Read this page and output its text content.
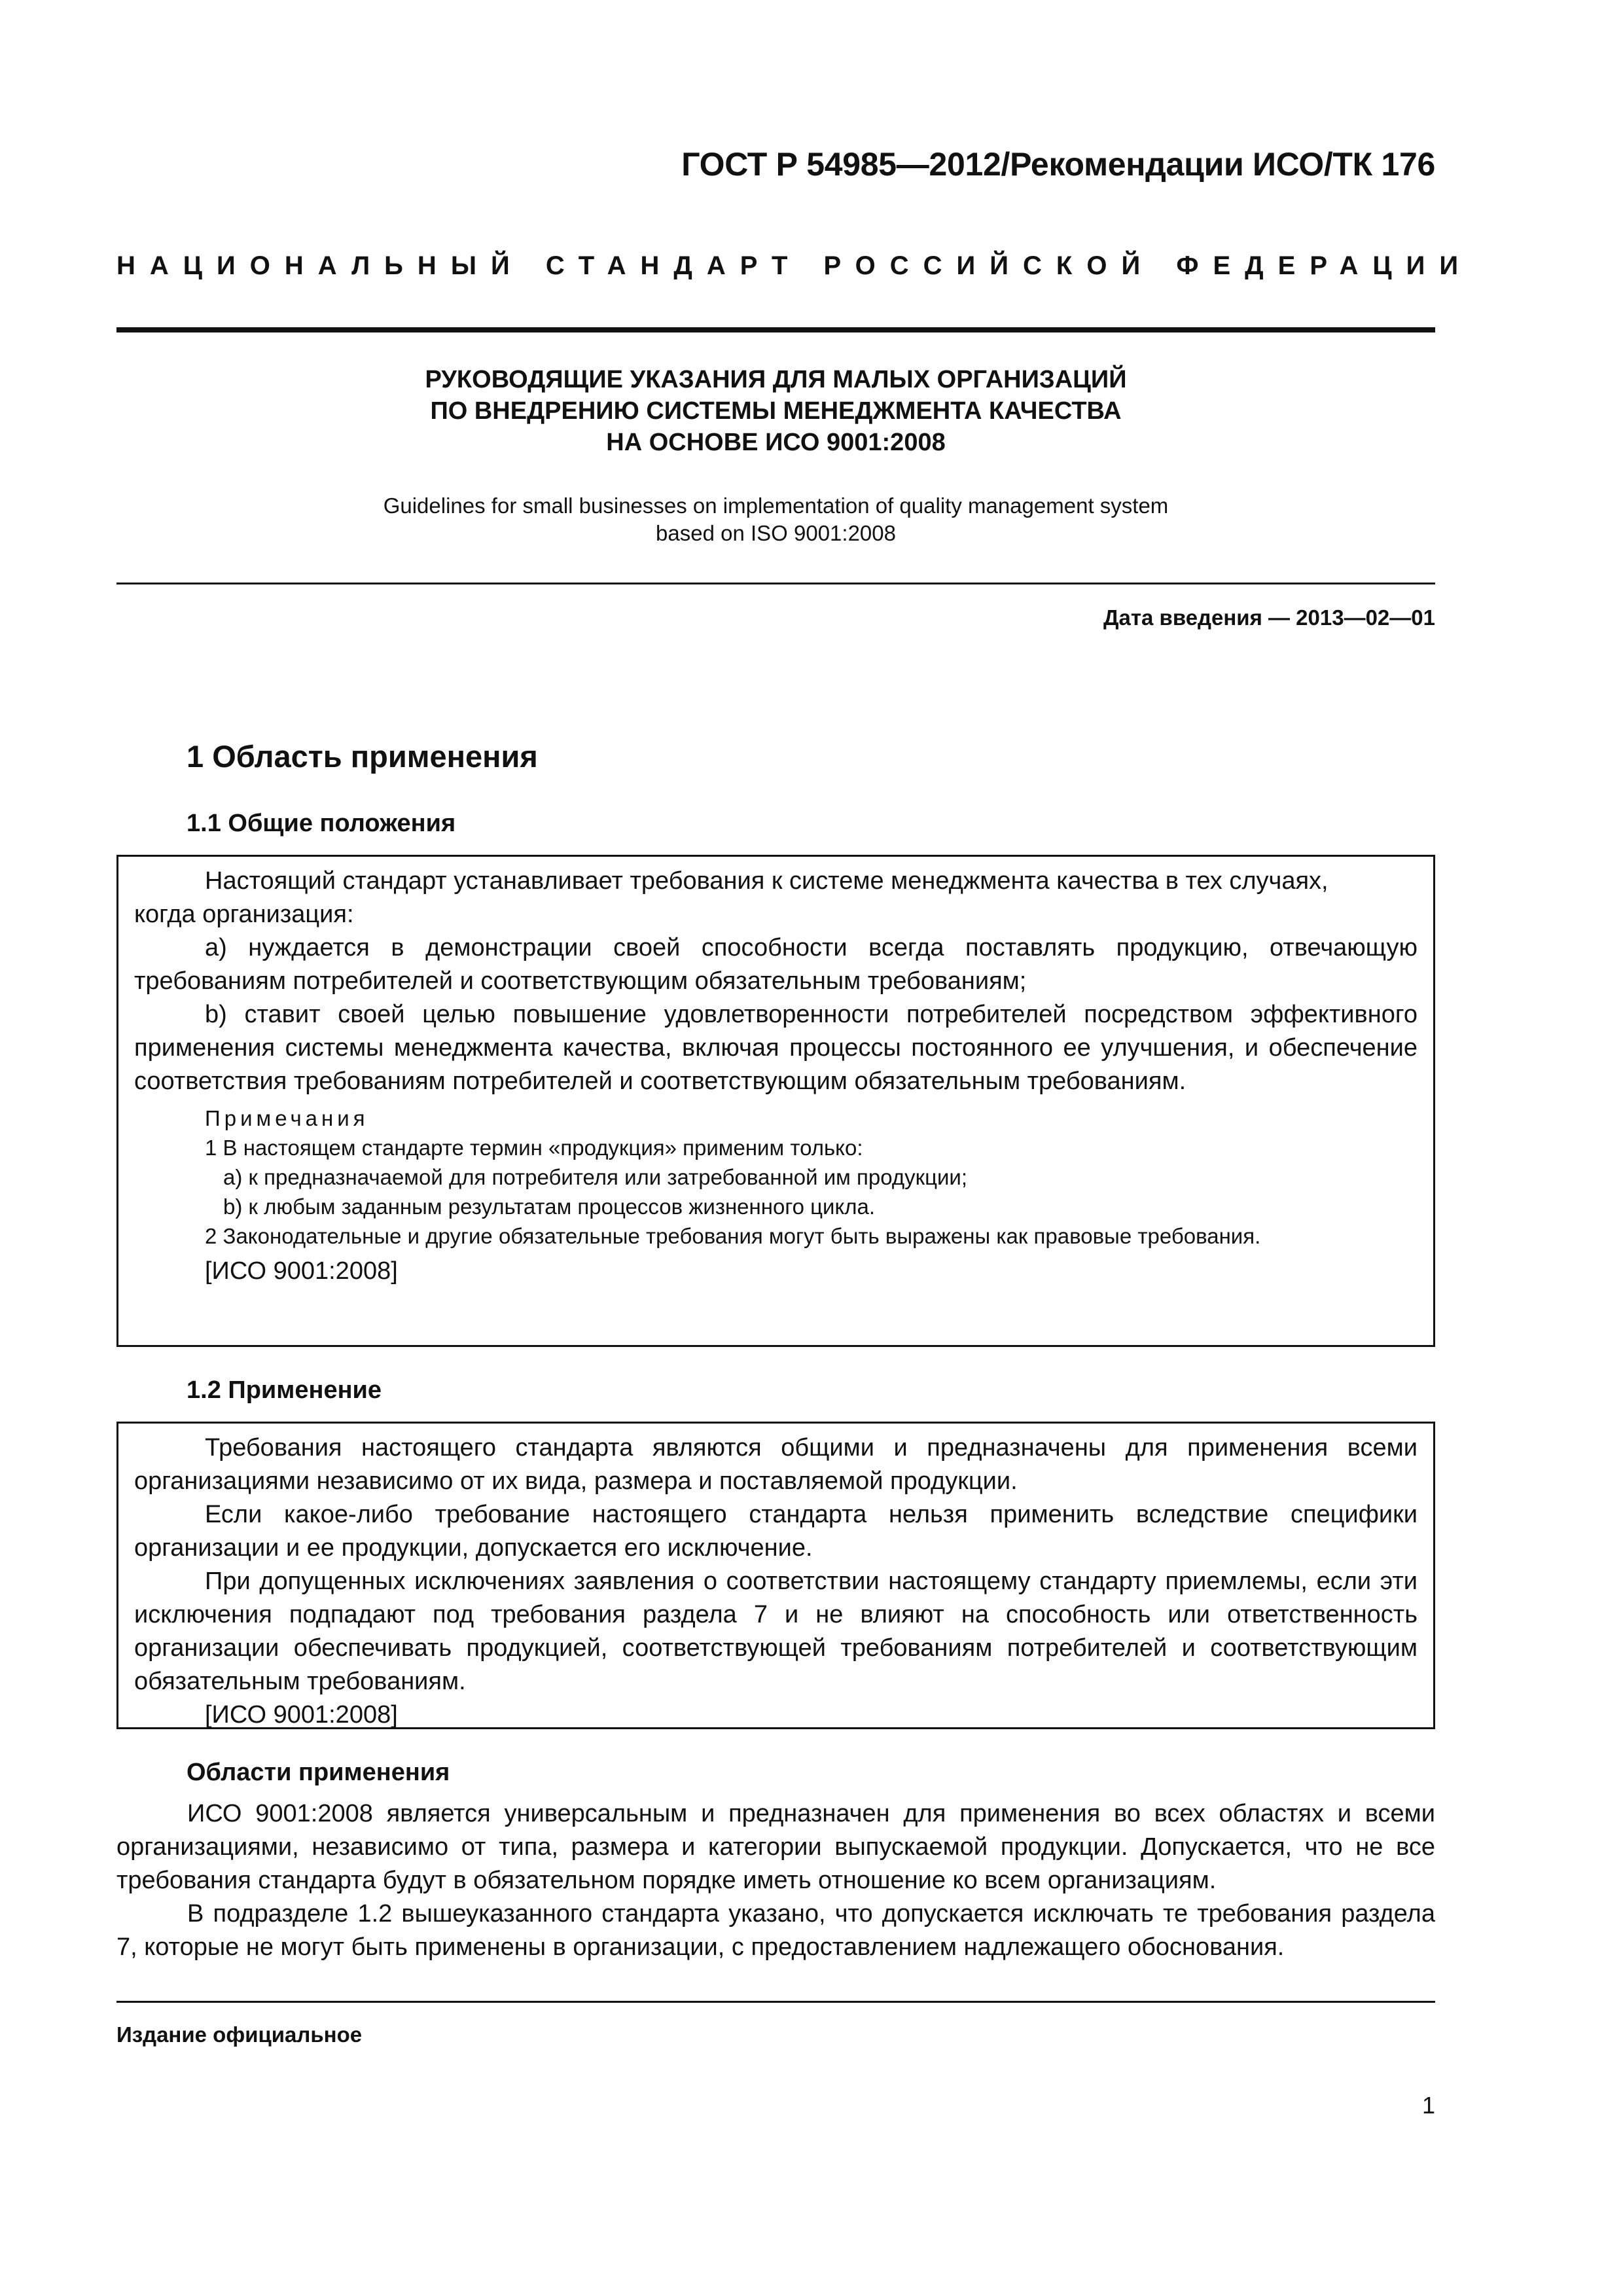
ГОСТ Р 54985—2012/Рекомендации ИСО/ТК 176
НАЦИОНАЛЬНЫЙ СТАНДАРТ РОССИЙСКОЙ ФЕДЕРАЦИИ
РУКОВОДЯЩИЕ УКАЗАНИЯ ДЛЯ МАЛЫХ ОРГАНИЗАЦИЙ
ПО ВНЕДРЕНИЮ СИСТЕМЫ МЕНЕДЖМЕНТА КАЧЕСТВА
НА ОСНОВЕ ИСО 9001:2008
Guidelines for small businesses on implementation of quality management system
based on ISO 9001:2008
Дата введения — 2013—02—01
1 Область применения
1.1 Общие положения

Настоящий стандарт устанавливает требования к системе менеджмента качества в тех случаях,

когда организация:

a) нуждается в демонстрации своей способности всегда поставлять продукцию, отвечающую требованиям потребителей и соответствующим обязательным требованиям;

b) ставит своей целью повышение удовлетворенности потребителей посредством эффективного применения системы менеджмента качества, включая процессы постоянного ее улучшения, и обеспечение соответствия требованиям потребителей и соответствующим обязательным требованиям.

Примечания
1 В настоящем стандарте термин «продукция» применим только:
a) к предназначаемой для потребителя или затребованной им продукции;
b) к любым заданным результатам процессов жизненного цикла.
2 Законодательные и другие обязательные требования могут быть выражены как правовые требования.

[ИСО 9001:2008]

1.2 Применение

Требования настоящего стандарта являются общими и предназначены для применения всеми организациями независимо от их вида, размера и поставляемой продукции.

Если какое-либо требование настоящего стандарта нельзя применить вследствие специфики организации и ее продукции, допускается его исключение.

При допущенных исключениях заявления о соответствии настоящему стандарту приемлемы, если эти исключения подпадают под требования раздела 7 и не влияют на способность или ответственность организации обеспечивать продукцией, соответствующей требованиям потребителей и соответствующим обязательным требованиям.

[ИСО 9001:2008]

Области применения

ИСО 9001:2008 является универсальным и предназначен для применения во всех областях и всеми организациями, независимо от типа, размера и категории выпускаемой продукции. Допускается, что не все требования стандарта будут в обязательном порядке иметь отношение ко всем организациям.

В подразделе 1.2 вышеуказанного стандарта указано, что допускается исключать те требования раздела 7, которые не могут быть применены в организации, с предоставлением надлежащего обоснования.

Издание официальное
1
